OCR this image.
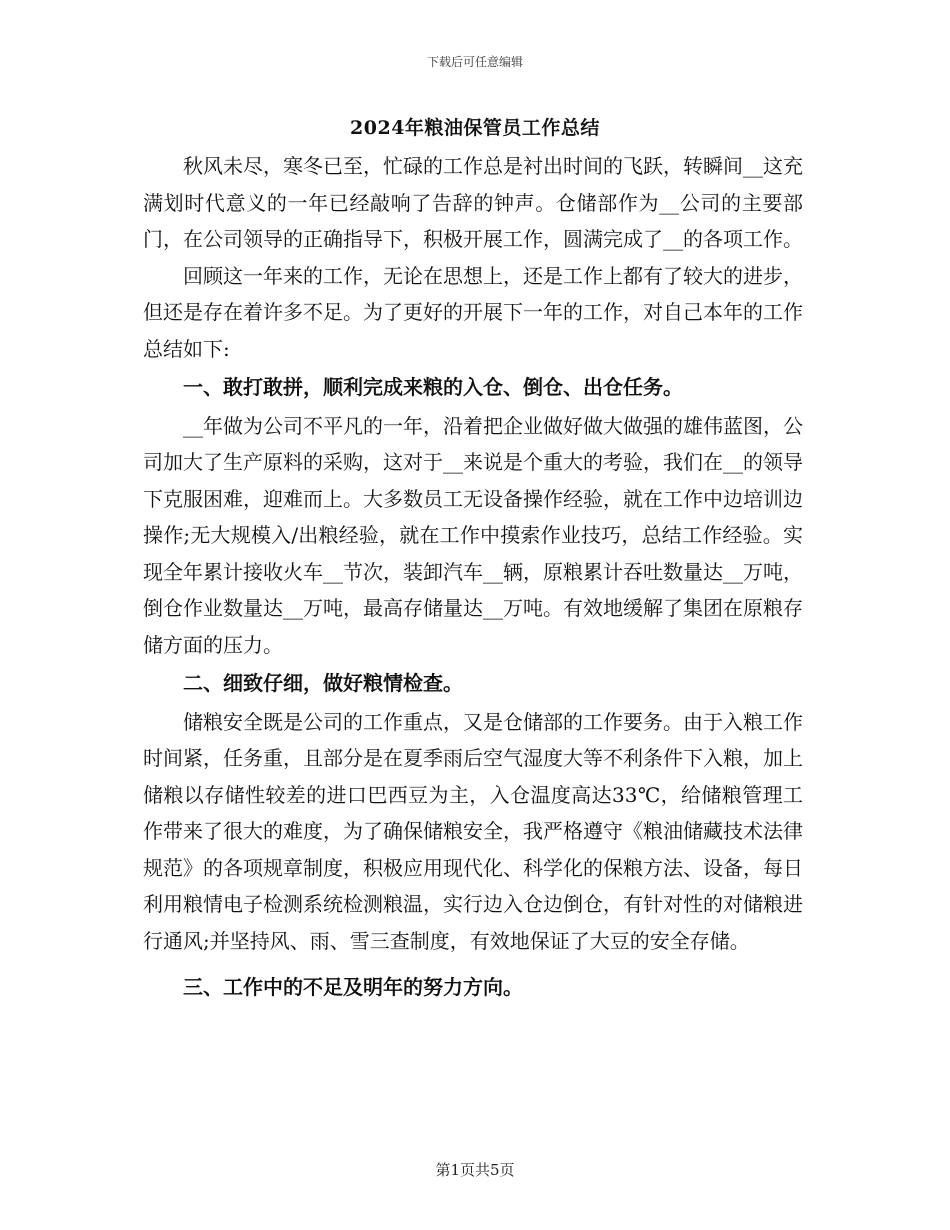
下载后可任意编辑
2024年粮油保管员工作总结

秋风未尽，寒冬已至，忙碌的工作总是衬出时间的飞跃，转瞬间__这充满划时代意义的一年已经敲响了告辞的钟声。仓储部作为__公司的主要部门，在公司领导的正确指导下，积极开展工作，圆满完成了__的各项工作。

回顾这一年来的工作，无论在思想上，还是工作上都有了较大的进步，但还是存在着许多不足。为了更好的开展下一年的工作，对自己本年的工作总结如下:

一、敢打敢拼，顺利完成来粮的入仓、倒仓、出仓任务。

__年做为公司不平凡的一年，沿着把企业做好做大做强的雄伟蓝图，公司加大了生产原料的采购，这对于__来说是个重大的考验，我们在__的领导下克服困难，迎难而上。大多数员工无设备操作经验，就在工作中边培训边操作;无大规模入/出粮经验，就在工作中摸索作业技巧，总结工作经验。实现全年累计接收火车__节次，装卸汽车__辆，原粮累计吞吐数量达__万吨，倒仓作业数量达__万吨，最高存储量达__万吨。有效地缓解了集团在原粮存储方面的压力。

二、细致仔细，做好粮情检查。

储粮安全既是公司的工作重点，又是仓储部的工作要务。由于入粮工作时间紧，任务重，且部分是在夏季雨后空气湿度大等不利条件下入粮，加上储粮以存储性较差的进口巴西豆为主，入仓温度高达33℃，给储粮管理工作带来了很大的难度，为了确保储粮安全，我严格遵守《粮油储藏技术法律规范》的各项规章制度，积极应用现代化、科学化的保粮方法、设备，每日利用粮情电子检测系统检测粮温，实行边入仓边倒仓，有针对性的对储粮进行通风;并坚持风、雨、雪三查制度，有效地保证了大豆的安全存储。

三、工作中的不足及明年的努力方向。

第1页共5页
